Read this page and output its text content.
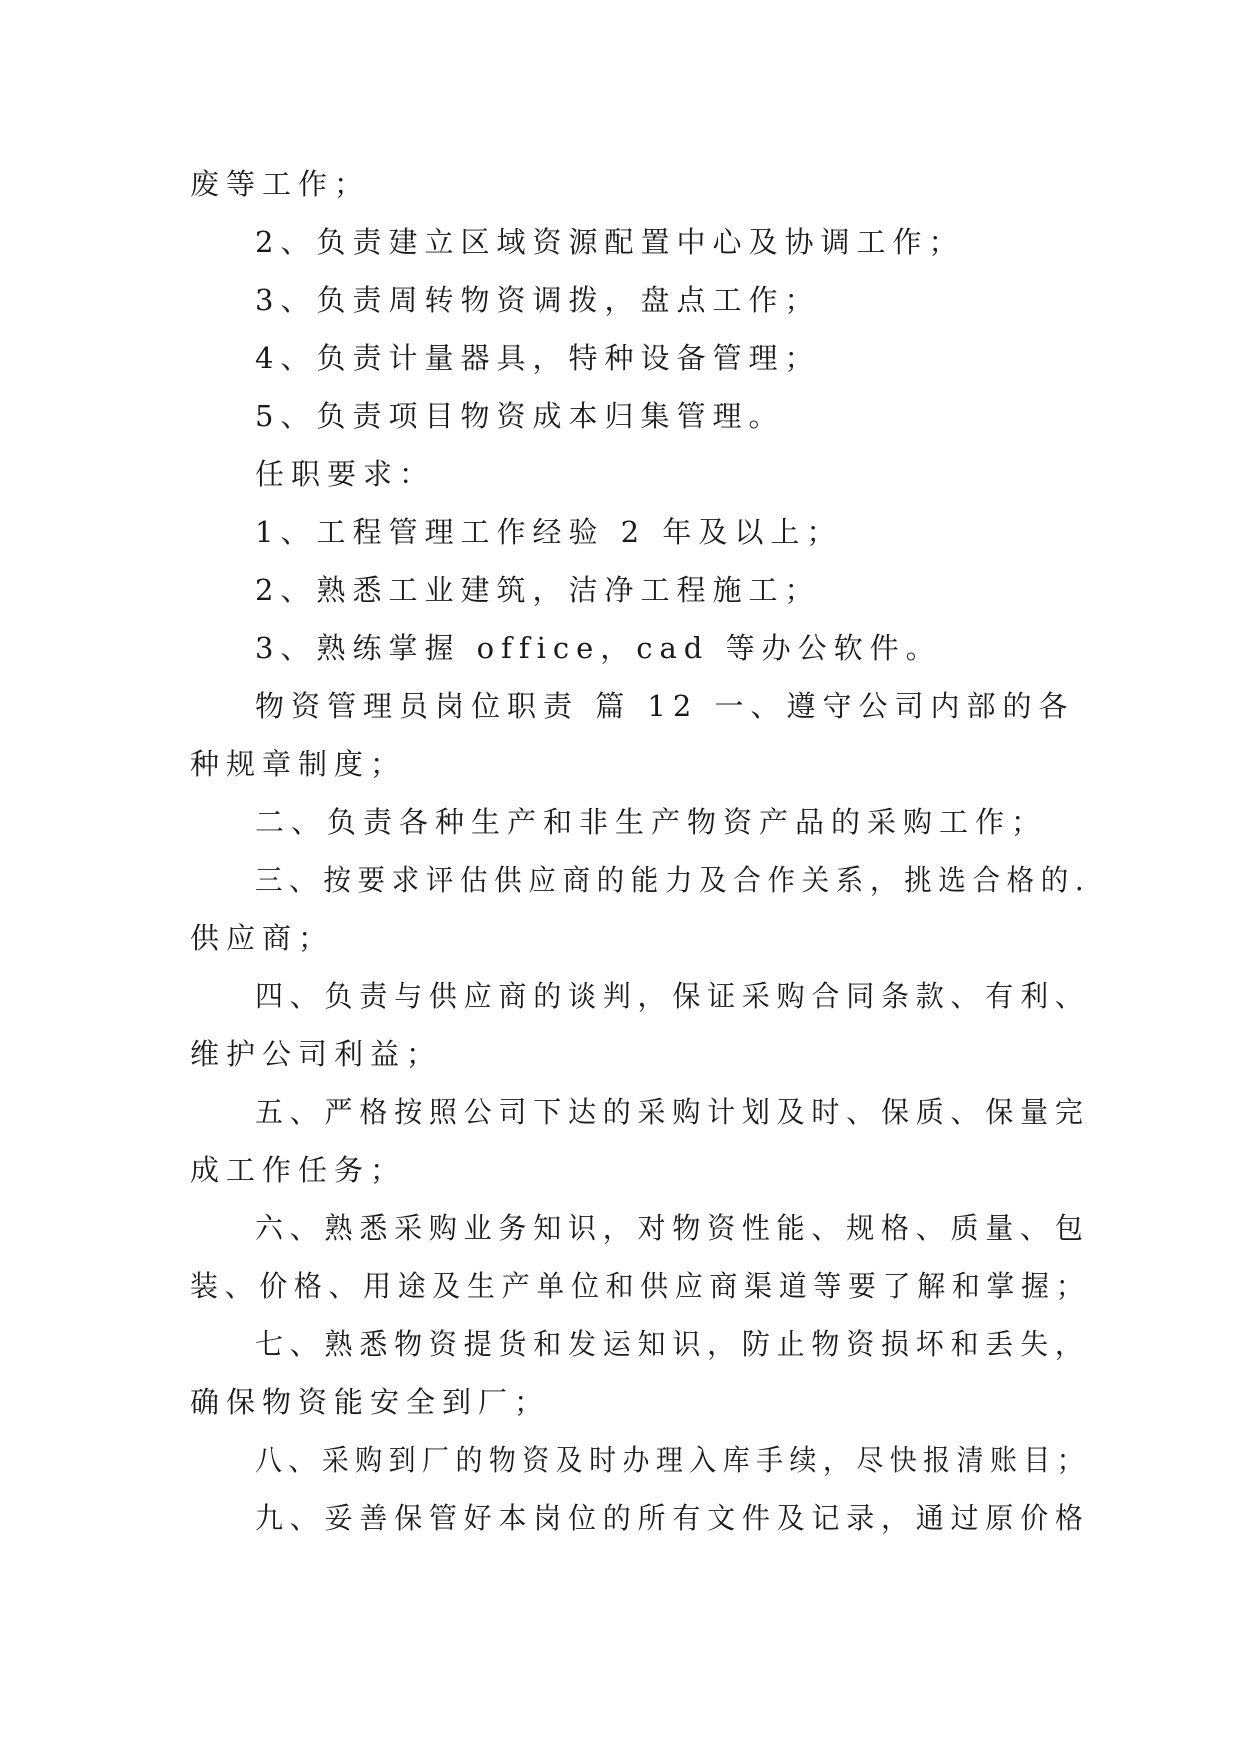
废等工作；
2、负责建立区域资源配置中心及协调工作；
3、负责周转物资调拨，盘点工作；
4、负责计量器具，特种设备管理；
5、负责项目物资成本归集管理。
任职要求：
1、工程管理工作经验 2 年及以上；
2、熟悉工业建筑，洁净工程施工；
3、熟练掌握 office，cad 等办公软件。
物资管理员岗位职责 篇 12 一、遵守公司内部的各
种规章制度；
二、负责各种生产和非生产物资产品的采购工作；
三、按要求评估供应商的能力及合作关系，挑选合格的.
供应商；
四、负责与供应商的谈判，保证采购合同条款、有利、
维护公司利益；
五、严格按照公司下达的采购计划及时、保质、保量完
成工作任务；
六、熟悉采购业务知识，对物资性能、规格、质量、包
装、价格、用途及生产单位和供应商渠道等要了解和掌握；
七、熟悉物资提货和发运知识，防止物资损坏和丢失，
确保物资能安全到厂；
八、采购到厂的物资及时办理入库手续，尽快报清账目；
九、妥善保管好本岗位的所有文件及记录，通过原价格
